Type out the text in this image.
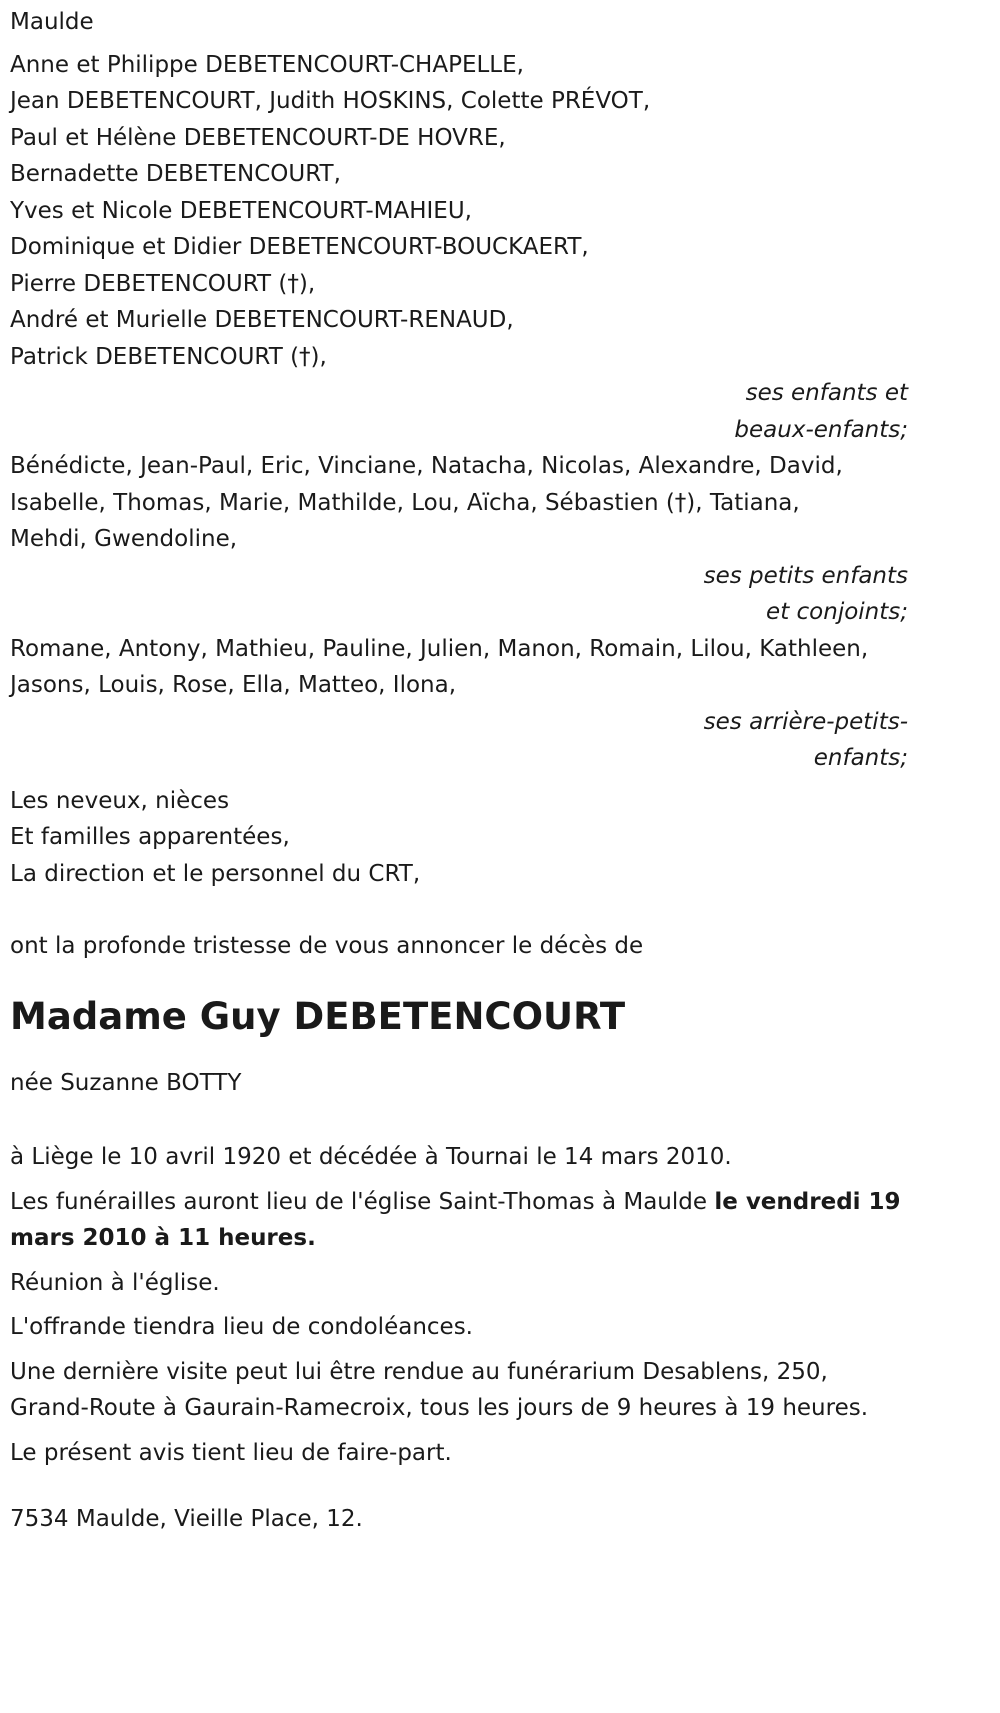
Maulde
Anne et Philippe DEBETENCOURT-CHAPELLE,
Jean DEBETENCOURT, Judith HOSKINS, Colette PRÉVOT,
Paul et Hélène DEBETENCOURT-DE HOVRE,
Bernadette DEBETENCOURT,
Yves et Nicole DEBETENCOURT-MAHIEU,
Dominique et Didier DEBETENCOURT-BOUCKAERT,
Pierre DEBETENCOURT (†),
André et Murielle DEBETENCOURT-RENAUD,
Patrick DEBETENCOURT (†),
ses enfants et
beaux-enfants;
Bénédicte, Jean-Paul, Eric, Vinciane, Natacha, Nicolas, Alexandre, David,
Isabelle, Thomas, Marie, Mathilde, Lou, Aïcha, Sébastien (†), Tatiana,
Mehdi, Gwendoline,
ses petits enfants
et conjoints;
Romane, Antony, Mathieu, Pauline, Julien, Manon, Romain, Lilou, Kathleen,
Jasons, Louis, Rose, Ella, Matteo, Ilona,
ses arrière-petits-
enfants;
Les neveux, nièces
Et familles apparentées,
La direction et le personnel du CRT,
ont la profonde tristesse de vous annoncer le décès de
Madame Guy DEBETENCOURT
née Suzanne BOTTY
à Liège le 10 avril 1920 et décédée à Tournai le 14 mars 2010.
Les funérailles auront lieu de l'église Saint-Thomas à Maulde le vendredi 19 mars 2010 à 11 heures.
Réunion à l'église.
L'offrande tiendra lieu de condoléances.
Une dernière visite peut lui être rendue au funérarium Desablens, 250, Grand-Route à Gaurain-Ramecroix, tous les jours de 9 heures à 19 heures.
Le présent avis tient lieu de faire-part.
7534 Maulde, Vieille Place, 12.
